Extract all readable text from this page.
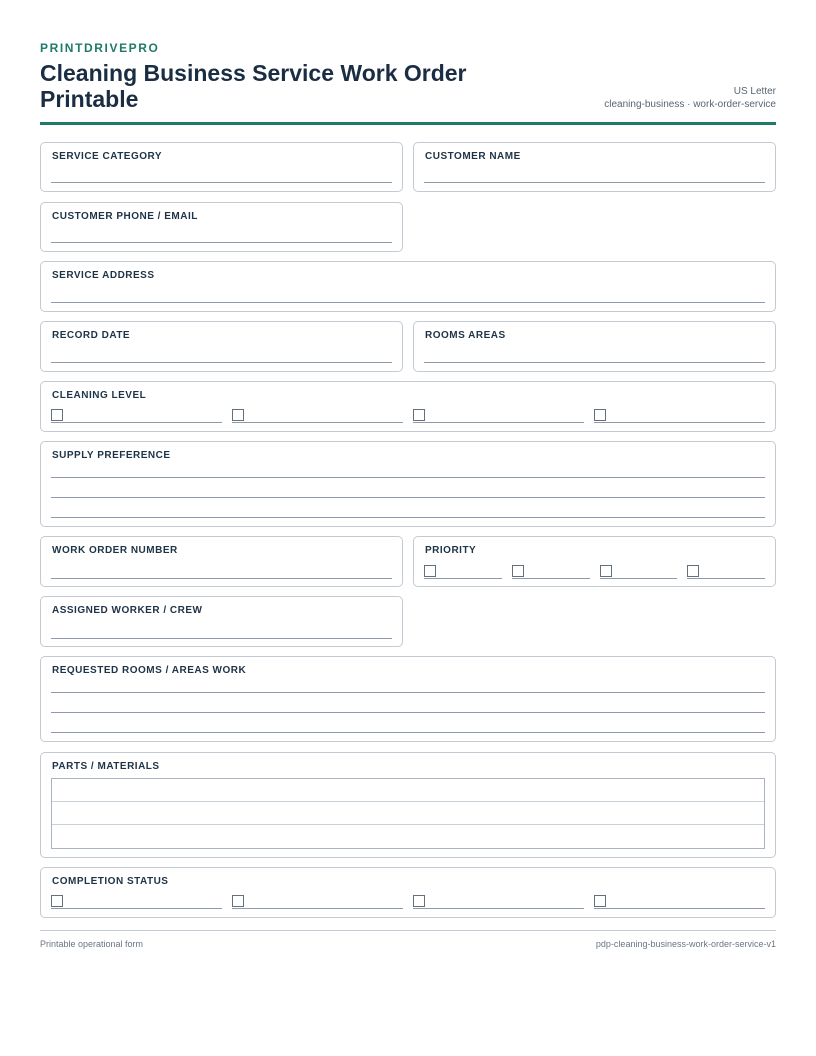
PRINTDRIVEPRO
Cleaning Business Service Work Order Printable	US Letter
cleaning-business · work-order-service
SERVICE CATEGORY	CUSTOMER NAME
CUSTOMER PHONE / EMAIL
SERVICE ADDRESS
RECORD DATE	ROOMS AREAS
CLEANING LEVEL
SUPPLY PREFERENCE
WORK ORDER NUMBER	PRIORITY
ASSIGNED WORKER / CREW
REQUESTED ROOMS / AREAS WORK
PARTS / MATERIALS
COMPLETION STATUS
Printable operational form	pdp-cleaning-business-work-order-service-v1
